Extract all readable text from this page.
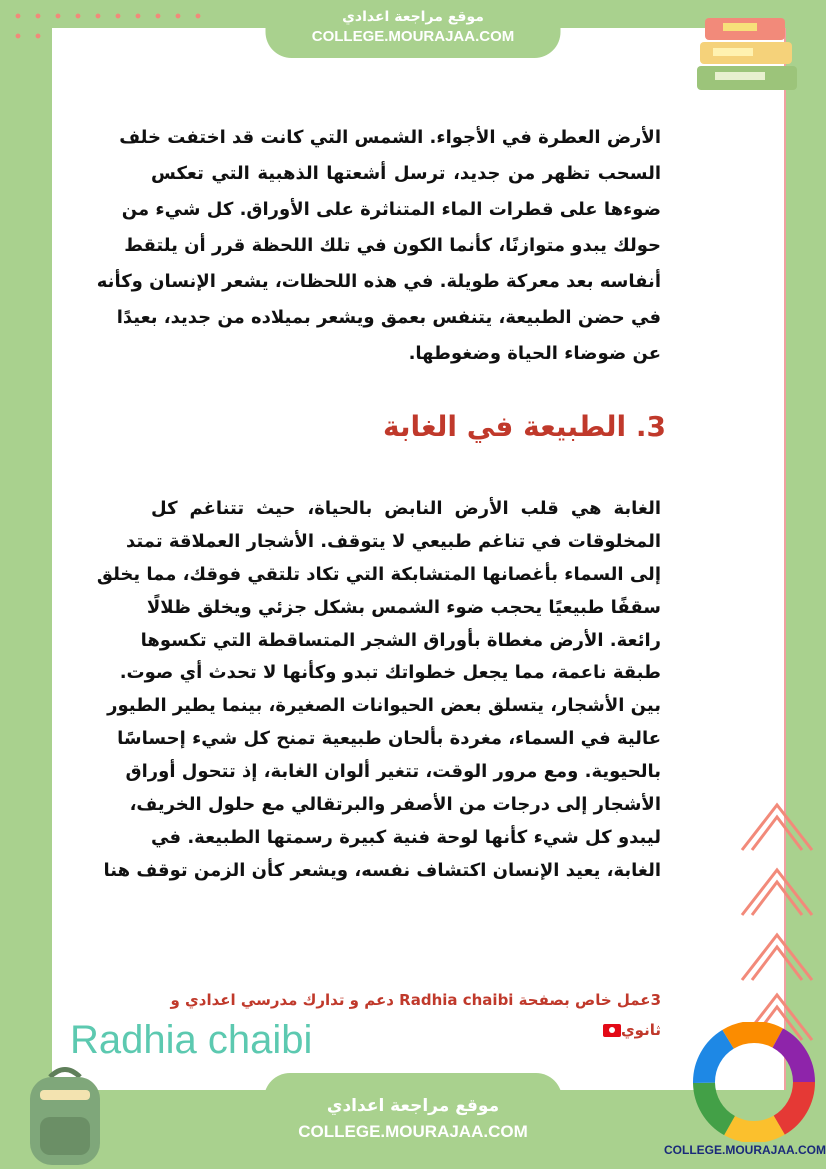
موقع مراجعة اعدادي
COLLEGE.MOURAJAA.COM
الأرض العطرة في الأجواء. الشمس التي كانت قد اختفت خلف
السحب تظهر من جديد، ترسل أشعتها الذهبية التي تعكس
ضوءها على قطرات الماء المتناثرة على الأوراق. كل شيء من
حولك يبدو متوازنًا، كأنما الكون في تلك اللحظة قرر أن يلتقط
أنفاسه بعد معركة طويلة. في هذه اللحظات، يشعر الإنسان وكأنه
في حضن الطبيعة، يتنفس بعمق ويشعر بميلاده من جديد، بعيدًا
عن ضوضاء الحياة وضغوطها.
3. الطبيعة في الغابة
الغابة هي قلب الأرض النابض بالحياة، حيث تتناغم كل
المخلوقات في تناغم طبيعي لا يتوقف. الأشجار العملاقة تمتد
إلى السماء بأغصانها المتشابكة التي تكاد تلتقي فوقك، مما يخلق
سقفًا طبيعيًا يحجب ضوء الشمس بشكل جزئي ويخلق ظلالًا
رائعة. الأرض مغطاة بأوراق الشجر المتساقطة التي تكسوها
طبقة ناعمة، مما يجعل خطواتك تبدو وكأنها لا تحدث أي صوت.
بين الأشجار، يتسلق بعض الحيوانات الصغيرة، بينما يطير الطيور
عالية في السماء، مغردة بألحان طبيعية تمنح كل شيء إحساسًا
بالحيوية. ومع مرور الوقت، تتغير ألوان الغابة، إذ تتحول أوراق
الأشجار إلى درجات من الأصفر والبرتقالي مع حلول الخريف،
ليبدو كل شيء كأنها لوحة فنية كبيرة رسمتها الطبيعة. في
الغابة، يعيد الإنسان اكتشاف نفسه، ويشعر كأن الزمن توقف هنا
3عمل خاص بصفحة Radhia chaibi دعم و تدارك مدرسي اعدادي و
ثانوي
Radhia chaibi
COLLEGE.MOURAJAA.COM
موقع مراجعة اعدادي
COLLEGE.MOURAJAA.COM
